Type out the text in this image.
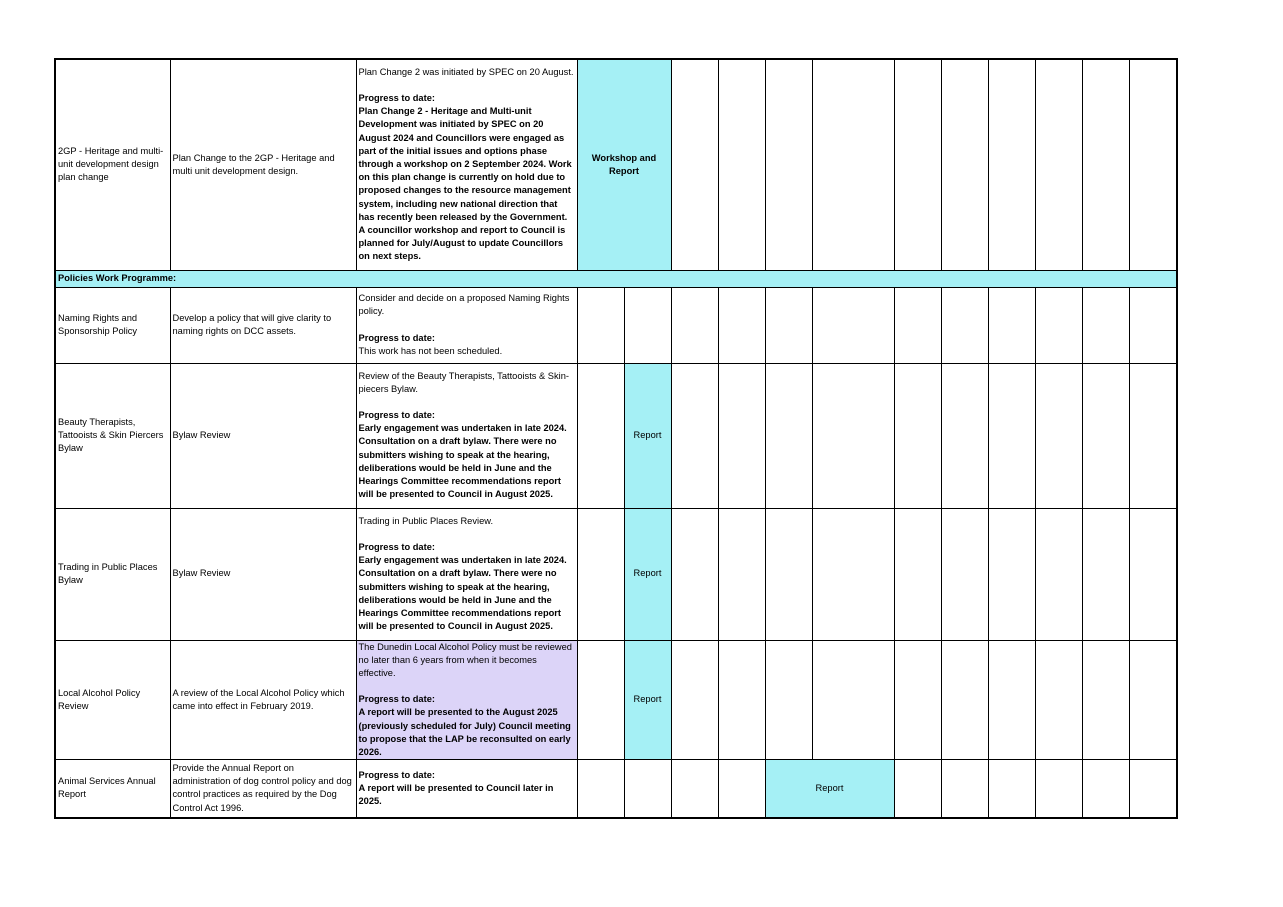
2GP - Heritage and multi-unit development design plan change	Plan Change to the 2GP - Heritage and multi unit development design.	Plan Change 2 was initiated by SPEC on 20 August.
Progress to date:
Plan Change 2 - Heritage and Multi-unit Development was initiated by SPEC on 20 August 2024 and Councillors were engaged as part of the initial issues and options phase through a workshop on 2 September 2024. Work on this plan change is currently on hold due to proposed changes to the resource management system, including new national direction that has recently been released by the Government. A councillor workshop and report to Council is planned for July/August to update Councillors on next steps.	Workshop and Report											
Policies Work Programme:														
Naming Rights and Sponsorship Policy	Develop a policy that will give clarity to naming rights on DCC assets.	Consider and decide on a proposed Naming Rights policy.
Progress to date:
This work has not been scheduled.												

Beauty Therapists, Tattooists & Skin Piercers Bylaw	Bylaw Review	Review of the Beauty Therapists, Tattooists & Skin-piecers Bylaw.
Progress to date:
Early engagement was undertaken in late 2024. Consultation on a draft bylaw. There were no submitters wishing to speak at the hearing, deliberations would be held in June and the Hearings Committee recommendations report will be presented to Council in August 2025.		Report										
Trading in Public Places Bylaw	Bylaw Review	Trading in Public Places Review.
Progress to date:
Early engagement was undertaken in late 2024. Consultation on a draft bylaw. There were no submitters wishing to speak at the hearing, deliberations would be held in June and the Hearings Committee recommendations report will be presented to Council in August 2025.		Report										
Local Alcohol Policy Review	A review of the Local Alcohol Policy which came into effect in February 2019.	The Dunedin Local Alcohol Policy must be reviewed no later than 6 years from when it becomes effective.
Progress to date:
A report will be presented to the August 2025 (previously scheduled for July) Council meeting to propose that the LAP be reconsulted on early 2026.		Report										
Animal Services Annual Report	Provide the Annual Report on administration of dog control policy and dog control practices as required by the Dog Control Act 1996.	Progress to date:
A report will be presented to Council later in 2025.					Report							
